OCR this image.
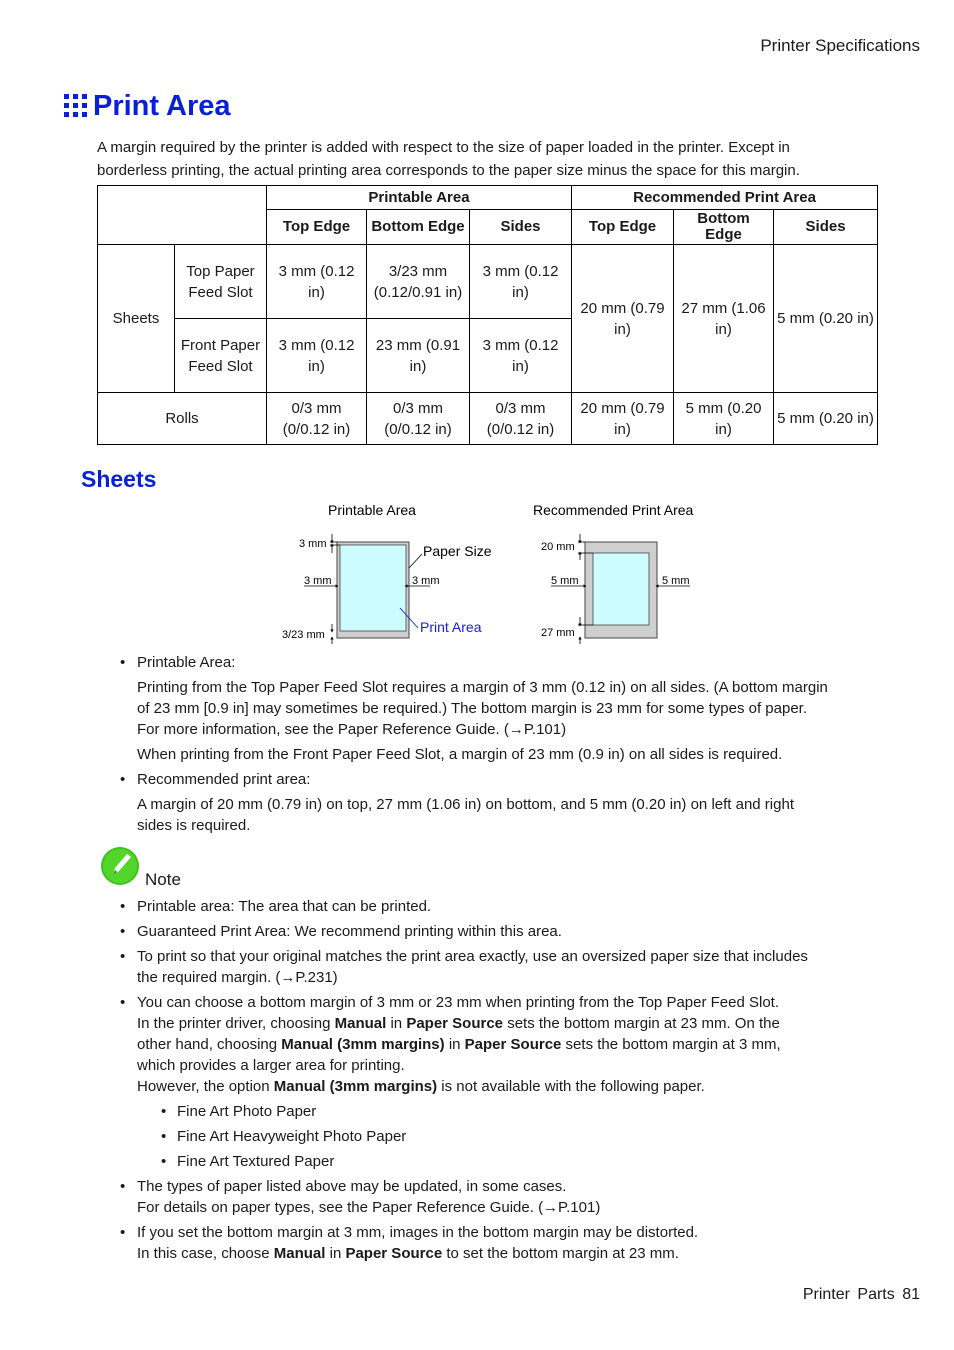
Printer Specifications
Print Area

A margin required by the printer is added with respect to the size of paper loaded in the printer. Except in

borderless printing, the actual printing area corresponds to the paper size minus the space for this margin.

		Printable Area			Recommended Print Area		
		Top Edge	Bottom Edge	Sides	Top Edge	Bottom Edge	Sides
Sheets	Top Paper Feed Slot	3 mm (0.12 in)	3/23 mm (0.12/0.91 in)	3 mm (0.12 in)	20 mm (0.79 in)	27 mm (1.06 in)	5 mm (0.20 in)
	Front Paper Feed Slot	3 mm (0.12 in)	23 mm (0.91 in)	3 mm (0.12 in)			
Rolls		0/3 mm (0/0.12 in)	0/3 mm (0/0.12 in)	0/3 mm (0/0.12 in)	20 mm (0.79 in)	5 mm (0.20 in)	5 mm (0.20 in)
Sheets
Printable Area
3 mm
3 mm	3 mm
3/23 mm
Paper Size
Print Area
Recommended Print Area
20 mm
5 mm	5 mm
27 mm
• Printable Area:
Printing from the Top Paper Feed Slot requires a margin of 3 mm (0.12 in) on all sides. (A bottom margin
of 23 mm [0.9 in] may sometimes be required.) The bottom margin is 23 mm for some types of paper.
For more information, see the Paper Reference Guide. (→P.101)
When printing from the Front Paper Feed Slot, a margin of 23 mm (0.9 in) on all sides is required.
• Recommended print area:
A margin of 20 mm (0.79 in) on top, 27 mm (1.06 in) on bottom, and 5 mm (0.20 in) on left and right
sides is required.
Note
• Printable area: The area that can be printed.
• Guaranteed Print Area: We recommend printing within this area.
• To print so that your original matches the print area exactly, use an oversized paper size that includes
the required margin. (→P.231)
• You can choose a bottom margin of 3 mm or 23 mm when printing from the Top Paper Feed Slot.
In the printer driver, choosing Manual in Paper Source sets the bottom margin at 23 mm. On the
other hand, choosing Manual (3mm margins) in Paper Source sets the bottom margin at 3 mm,
which provides a larger area for printing.
However, the option Manual (3mm margins) is not available with the following paper.
• Fine Art Photo Paper
• Fine Art Heavyweight Photo Paper
• Fine Art Textured Paper
• The types of paper listed above may be updated, in some cases.
For details on paper types, see the Paper Reference Guide. (→P.101)
• If you set the bottom margin at 3 mm, images in the bottom margin may be distorted.
In this case, choose Manual in Paper Source to set the bottom margin at 23 mm.
Printer Parts 81
